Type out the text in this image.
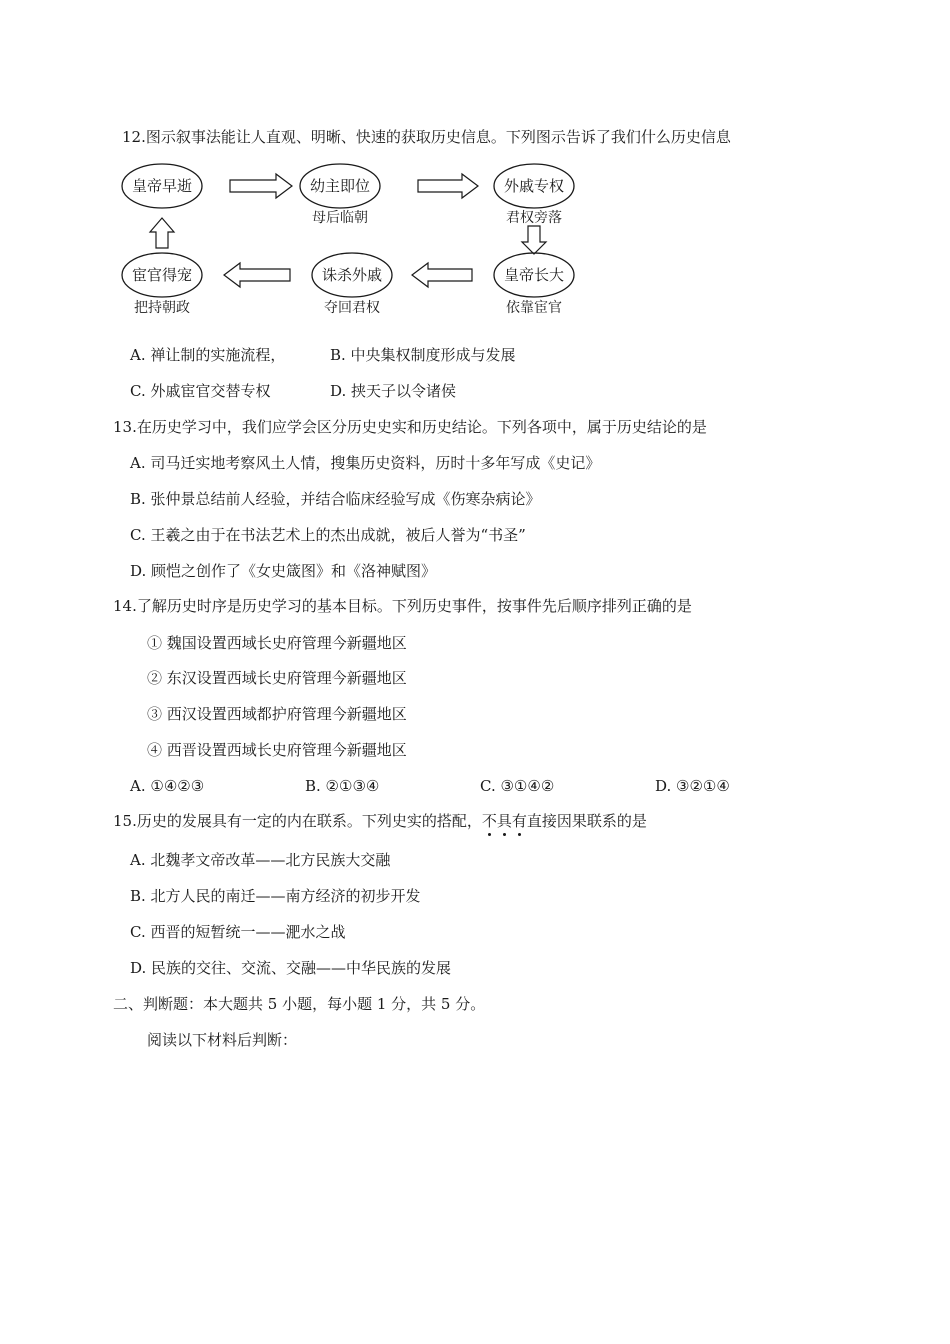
12.图示叙事法能让人直观、明晰、快速的获取历史信息。下列图示告诉了我们什么历史信息
皇帝早逝	幼主即位
母后临朝
外戚专权
君权旁落
皇帝长大
依靠宦官
诛杀外戚
夺回君权
宦官得宠
把持朝政
A. 禅让制的实施流程，	B. 中央集权制度形成与发展
C. 外戚宦官交替专权	D. 挟天子以令诸侯
13.在历史学习中，我们应学会区分历史史实和历史结论。下列各项中，属于历史结论的是
A. 司马迁实地考察风土人情，搜集历史资料，历时十多年写成《史记》
B. 张仲景总结前人经验，并结合临床经验写成《伤寒杂病论》
C. 王羲之由于在书法艺术上的杰出成就，被后人誉为“书圣”
D. 顾恺之创作了《女史箴图》和《洛神赋图》
14.了解历史时序是历史学习的基本目标。下列历史事件，按事件先后顺序排列正确的是
① 魏国设置西域长史府管理今新疆地区
② 东汉设置西域长史府管理今新疆地区
③ 西汉设置西域都护府管理今新疆地区
④ 西晋设置西域长史府管理今新疆地区
A. ①④②③	B. ②①③④	C. ③①④②	D. ③②①④
15.历史的发展具有一定的内在联系。下列史实的搭配，不具有直接因果联系的是
A. 北魏孝文帝改革——北方民族大交融
B. 北方人民的南迁——南方经济的初步开发
C. 西晋的短暂统一——淝水之战
D. 民族的交往、交流、交融——中华民族的发展
二、判断题：本大题共 5 小题，每小题 1 分，共 5 分。
阅读以下材料后判断：
